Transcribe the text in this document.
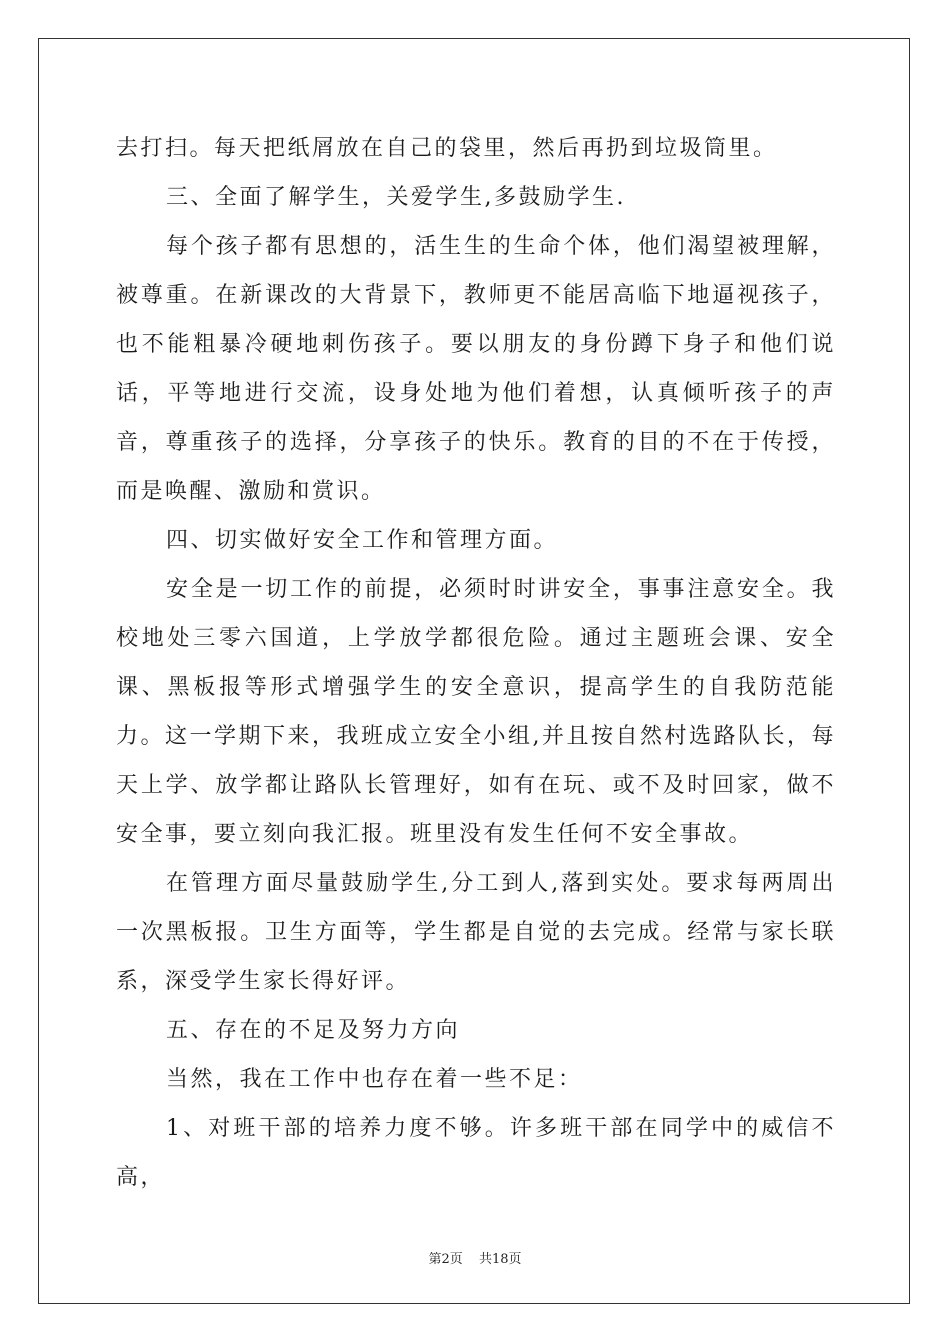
去打扫。每天把纸屑放在自己的袋里，然后再扔到垃圾筒里。

三、全面了解学生，关爱学生,多鼓励学生.

每个孩子都有思想的，活生生的生命个体，他们渴望被理解，被尊重。在新课改的大背景下，教师更不能居高临下地逼视孩子，也不能粗暴冷硬地刺伤孩子。要以朋友的身份蹲下身子和他们说话，平等地进行交流，设身处地为他们着想，认真倾听孩子的声音，尊重孩子的选择，分享孩子的快乐。教育的目的不在于传授，而是唤醒、激励和赏识。

四、切实做好安全工作和管理方面。

安全是一切工作的前提，必须时时讲安全，事事注意安全。我校地处三零六国道，上学放学都很危险。通过主题班会课、安全课、黑板报等形式增强学生的安全意识，提高学生的自我防范能力。这一学期下来，我班成立安全小组,并且按自然村选路队长，每天上学、放学都让路队长管理好，如有在玩、或不及时回家，做不安全事，要立刻向我汇报。班里没有发生任何不安全事故。

在管理方面尽量鼓励学生,分工到人,落到实处。要求每两周出一次黑板报。卫生方面等，学生都是自觉的去完成。经常与家长联系，深受学生家长得好评。

五、存在的不足及努力方向

当然，我在工作中也存在着一些不足：

1、对班干部的培养力度不够。许多班干部在同学中的威信不高，

第2页 共18页
